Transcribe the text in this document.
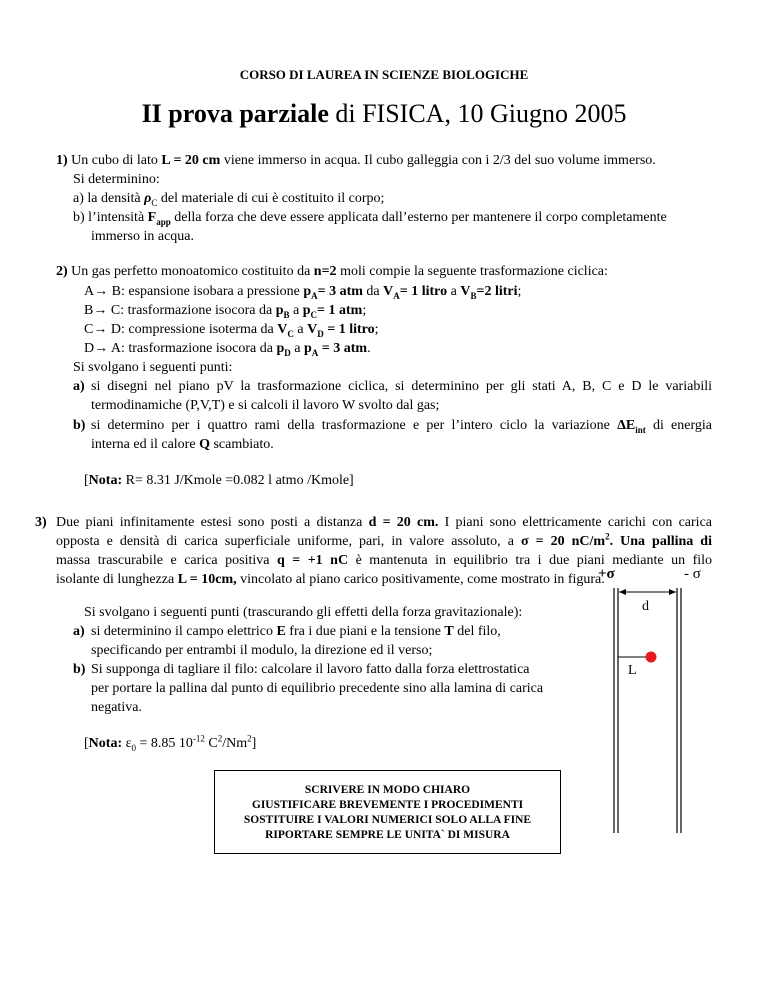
CORSO DI LAUREA IN SCIENZE BIOLOGICHE
II prova parziale di FISICA, 10 Giugno 2005
1) Un cubo di lato L = 20 cm viene immerso in acqua. Il cubo galleggia con i 2/3 del suo volume immerso.
Si determinino:
a) la densità $\rho_C$ del materiale di cui è costituito il corpo;
b) l’intensità $F_{app}$ della forza che deve essere applicata dall’esterno per mantenere il corpo completamente
immerso in acqua.
2) Un gas perfetto monoatomico costituito da n=2 moli compie la seguente trasformazione ciclica:
A→ B: espansione isobara a pressione $p_A= 3$ atm da $V_A= 1$ litro a $V_B=2$ litri;
B→ C: trasformazione isocora da $p_B$ a $p_C= 1$ atm;
C→ D: compressione isoterma da $V_C$ a $V_D = 1$ litro;
D→ A: trasformazione isocora da $p_D$ a $p_A = 3$ atm.
Si svolgano i seguenti punti:
a) si disegni nel piano pV la trasformazione ciclica, si determinino per gli stati A, B, C e D le variabili
termodinamiche (P,V,T) e si calcoli il lavoro W svolto dal gas;
b) si determino per i quattro rami della trasformazione e per l’intero ciclo la variazione $\Delta E_{int}$ di energia
interna ed il calore Q scambiato.
[Nota: R= 8.31 J/Kmole =0.082 l atmo /Kmole]
3) Due piani infinitamente estesi sono posti a distanza d = 20 cm. I piani sono elettricamente carichi con carica
opposta e densità di carica superficiale uniforme, pari, in valore assoluto, a σ = 20 $nC/m^2$. Una pallina di
massa trascurabile e carica positiva q = +1 nC è mantenuta in equilibrio tra i due piani mediante un filo
isolante di lunghezza L = 10cm, vincolato al piano carico positivamente, come mostrato in figura.
Si svolgano i seguenti punti (trascurando gli effetti della forza gravitazionale):
a) si determinino il campo elettrico E fra i due piani e la tensione T del filo,
specificando per entrambi il modulo, la direzione ed il verso;
b) Si supponga di tagliare il filo: calcolare il lavoro fatto dalla forza elettrostatica
per portare la pallina dal punto di equilibrio precedente sino alla lamina di carica
negativa.
[Nota: $\varepsilon_0 = 8.85$ $10^{-12}$ $C^2/Nm^2$]
+σ	- σ
d
L
SCRIVERE IN MODO CHIARO
GIUSTIFICARE BREVEMENTE I PROCEDIMENTI
SOSTITUIRE I VALORI NUMERICI SOLO ALLA FINE
RIPORTARE SEMPRE LE UNITA` DI MISURA
